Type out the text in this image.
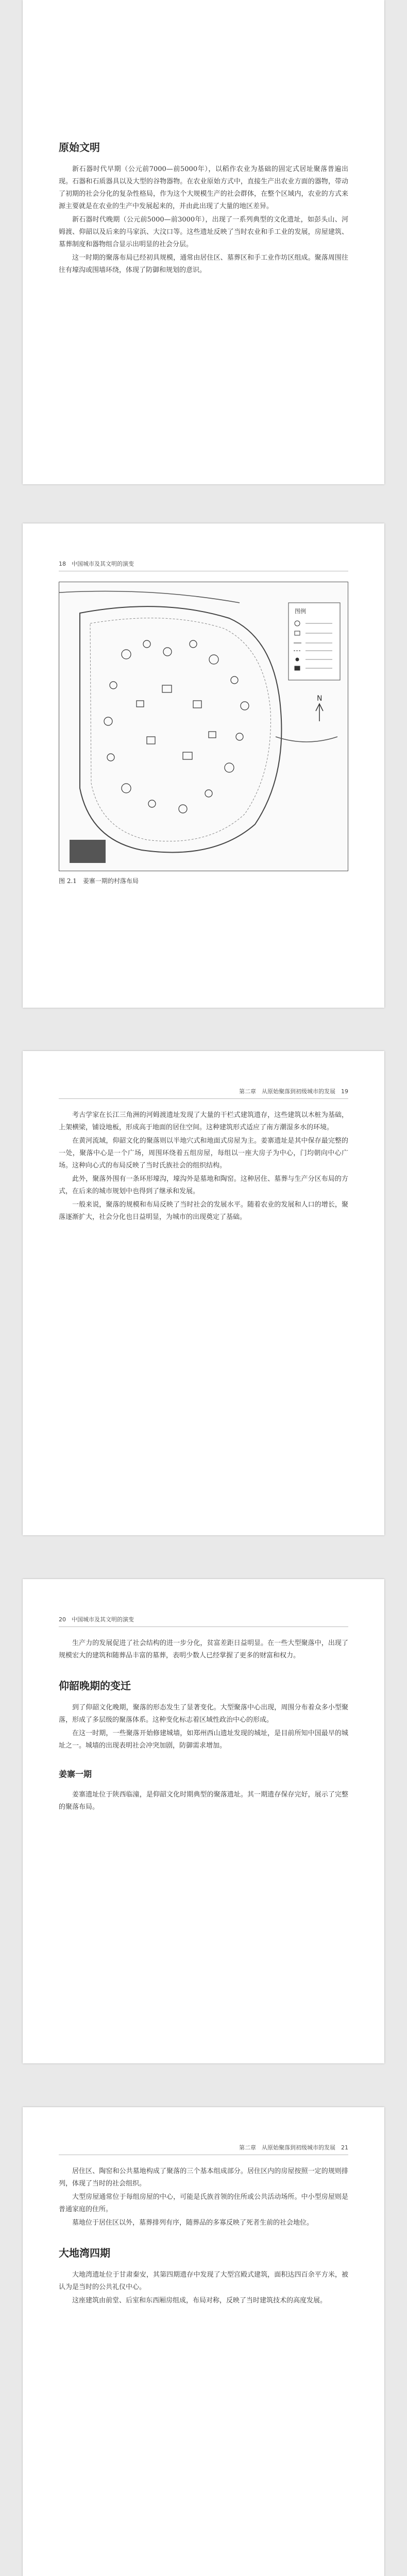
原始文明

新石器时代早期（公元前7000—前5000年），以稻作农业为基础的固定式居址聚落普遍出现。石器和石质器具以及大型的谷物器物。在农业原始方式中，直接生产出农业方面的器物，带动了初期的社会分化的复杂性格局，作为这个大规模生产的社会群体，在整个区域内，农业的方式来源主要就是在农业的生产中发展起来的，并由此出现了大量的地区差异。

新石器时代晚期（公元前5000—前3000年），出现了一系列典型的文化遗址，如彭头山、河姆渡、仰韶以及后来的马家浜、大汶口等。这些遗址反映了当时农业和手工业的发展，房屋建筑、墓葬制度和器物组合显示出明显的社会分层。

这一时期的聚落布局已经初具规模，通常由居住区、墓葬区和手工业作坊区组成。聚落周围往往有壕沟或围墙环绕，体现了防御和规划的意识。

18　中国城市及其文明的演变
图例
N
图 2.1　姜寨一期的村落布局
第二章　从原始聚落到初级城市的发展　19

考古学家在长江三角洲的河姆渡遗址发现了大量的干栏式建筑遗存，这些建筑以木桩为基础，上架横梁，铺设地板，形成高于地面的居住空间。这种建筑形式适应了南方潮湿多水的环境。

在黄河流域，仰韶文化的聚落则以半地穴式和地面式房屋为主。姜寨遗址是其中保存最完整的一处，聚落中心是一个广场，周围环绕着五组房屋，每组以一座大房子为中心，门均朝向中心广场。这种向心式的布局反映了当时氏族社会的组织结构。

此外，聚落外围有一条环形壕沟，壕沟外是墓地和陶窑。这种居住、墓葬与生产分区布局的方式，在后来的城市规划中也得到了继承和发展。

一般来说，聚落的规模和布局反映了当时社会的发展水平。随着农业的发展和人口的增长，聚落逐渐扩大，社会分化也日益明显，为城市的出现奠定了基础。

20　中国城市及其文明的演变

生产力的发展促进了社会结构的进一步分化，贫富差距日益明显。在一些大型聚落中，出现了规模宏大的建筑和随葬品丰富的墓葬，表明少数人已经掌握了更多的财富和权力。

仰韶晚期的变迁

到了仰韶文化晚期，聚落的形态发生了显著变化。大型聚落中心出现，周围分布着众多小型聚落，形成了多层级的聚落体系。这种变化标志着区域性政治中心的形成。

在这一时期，一些聚落开始修建城墙，如郑州西山遗址发现的城址，是目前所知中国最早的城址之一。城墙的出现表明社会冲突加剧，防御需求增加。

姜寨一期

姜寨遗址位于陕西临潼，是仰韶文化时期典型的聚落遗址。其一期遗存保存完好，展示了完整的聚落布局。

第二章　从原始聚落到初级城市的发展　21

居住区、陶窑和公共墓地构成了聚落的三个基本组成部分。居住区内的房屋按照一定的规则排列，体现了当时的社会组织。

大型房屋通常位于每组房屋的中心，可能是氏族首领的住所或公共活动场所。中小型房屋则是普通家庭的住所。

墓地位于居住区以外，墓葬排列有序，随葬品的多寡反映了死者生前的社会地位。

大地湾四期

大地湾遗址位于甘肃秦安，其第四期遗存中发现了大型宫殿式建筑，面积达四百余平方米，被认为是当时的公共礼仪中心。

这座建筑由前堂、后室和东西厢房组成，布局对称，反映了当时建筑技术的高度发展。
